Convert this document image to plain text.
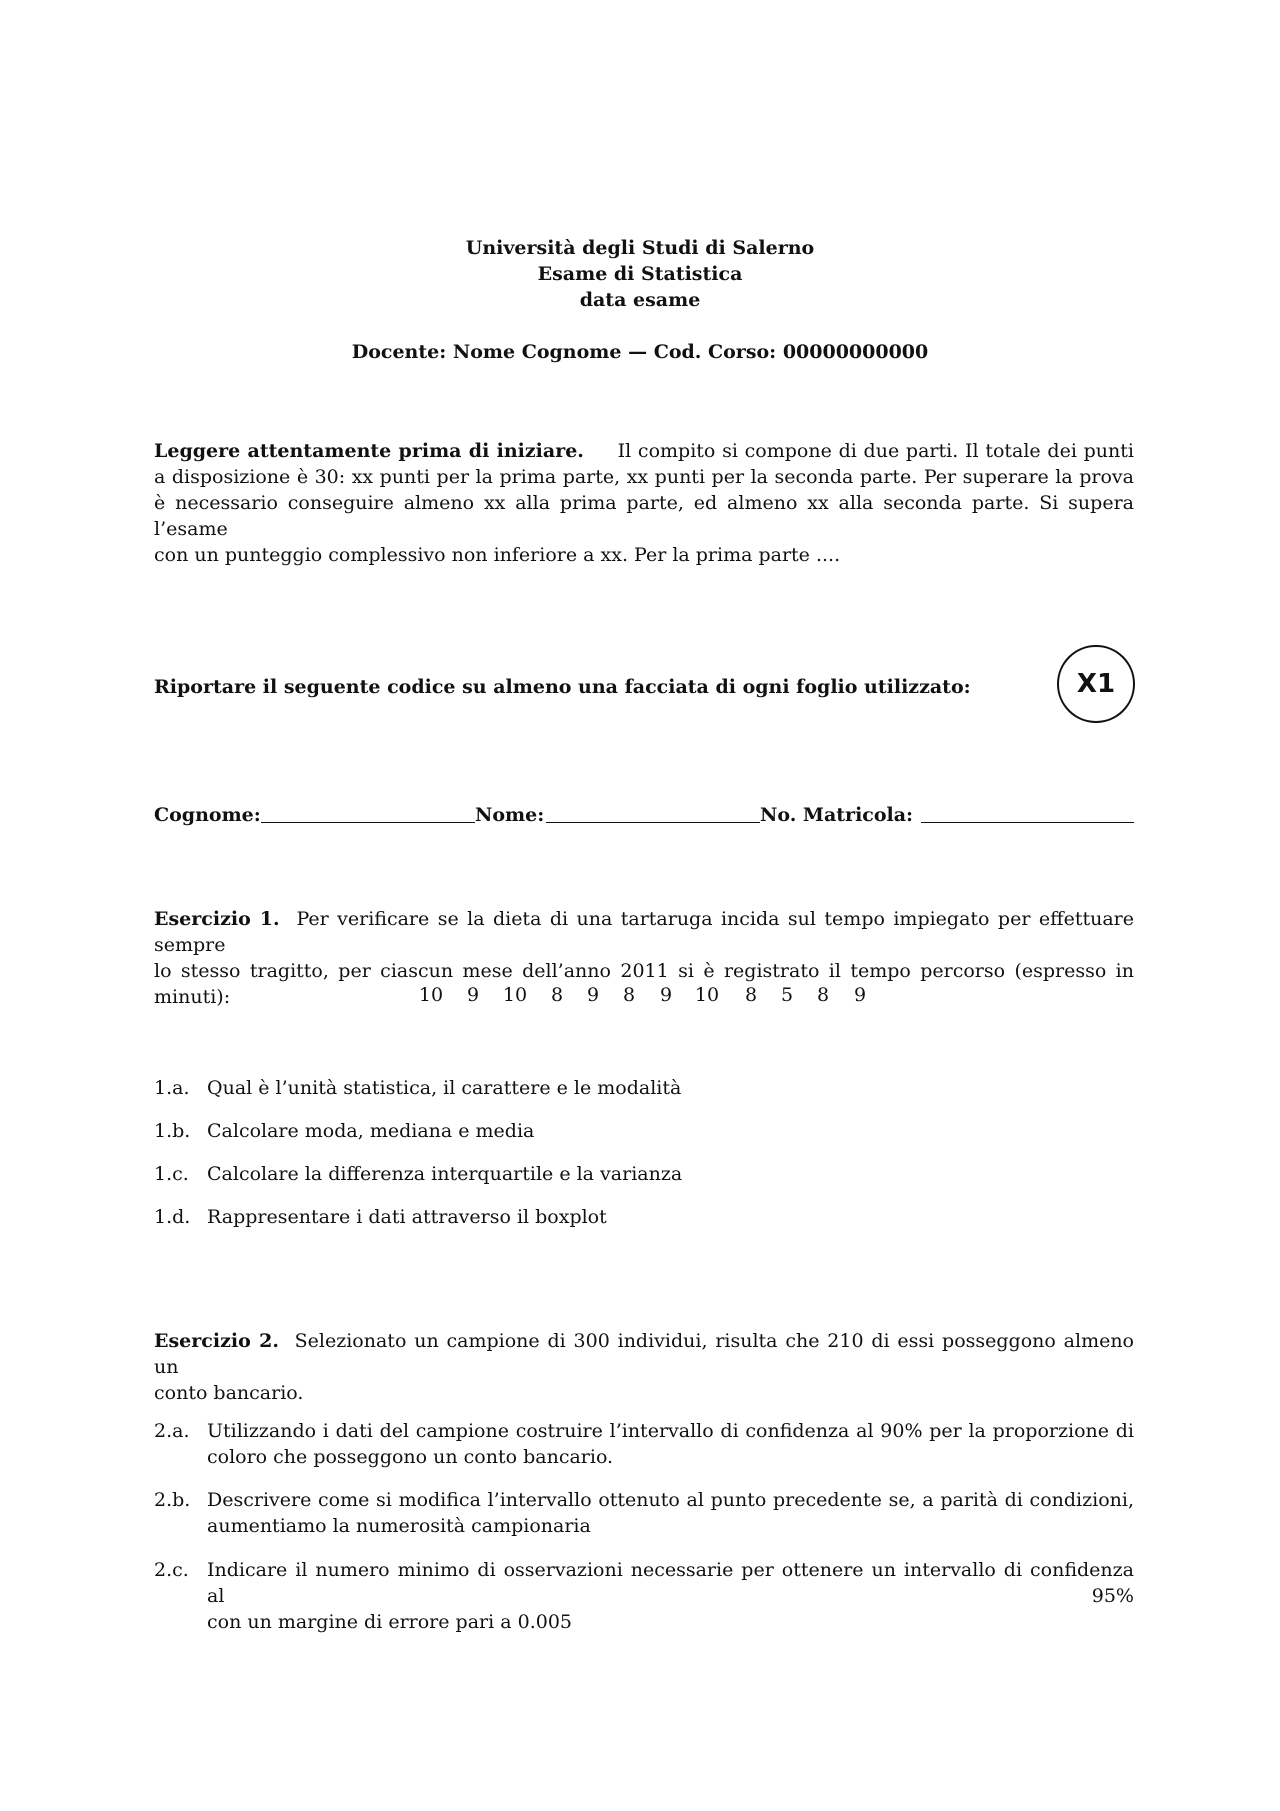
Università degli Studi di Salerno
Esame di Statistica
data esame
Docente: Nome Cognome — Cod. Corso: 00000000000
Leggere attentamente prima di iniziare. Il compito si compone di due parti. Il totale dei punti
a disposizione è 30: xx punti per la prima parte, xx punti per la seconda parte. Per superare la prova
è necessario conseguire almeno xx alla prima parte, ed almeno xx alla seconda parte. Si supera l’esame
con un punteggio complessivo non inferiore a xx. Per la prima parte ....
Riportare il seguente codice su almeno una facciata di ogni foglio utilizzato:	X1
Cognome:	Nome:	No. Matricola:
Esercizio 1. Per verificare se la dieta di una tartaruga incida sul tempo impiegato per effettuare sempre
lo stesso tragitto, per ciascun mese dell’anno 2011 si è registrato il tempo percorso (espresso in minuti):	10 9 10 8 9 8 9 10 8 5 8 9
1.a. Qual è l’unità statistica, il carattere e le modalità
1.b. Calcolare moda, mediana e media
1.c. Calcolare la differenza interquartile e la varianza
1.d. Rappresentare i dati attraverso il boxplot
Esercizio 2. Selezionato un campione di 300 individui, risulta che 210 di essi posseggono almeno un
conto bancario.
2.a. Utilizzando i dati del campione costruire l’intervallo di confidenza al 90% per la proporzione di
coloro che posseggono un conto bancario.
2.b. Descrivere come si modifica l’intervallo ottenuto al punto precedente se, a parità di condizioni,
aumentiamo la numerosità campionaria
2.c. Indicare il numero minimo di osservazioni necessarie per ottenere un intervallo di confidenza al 95%
con un margine di errore pari a 0.005
